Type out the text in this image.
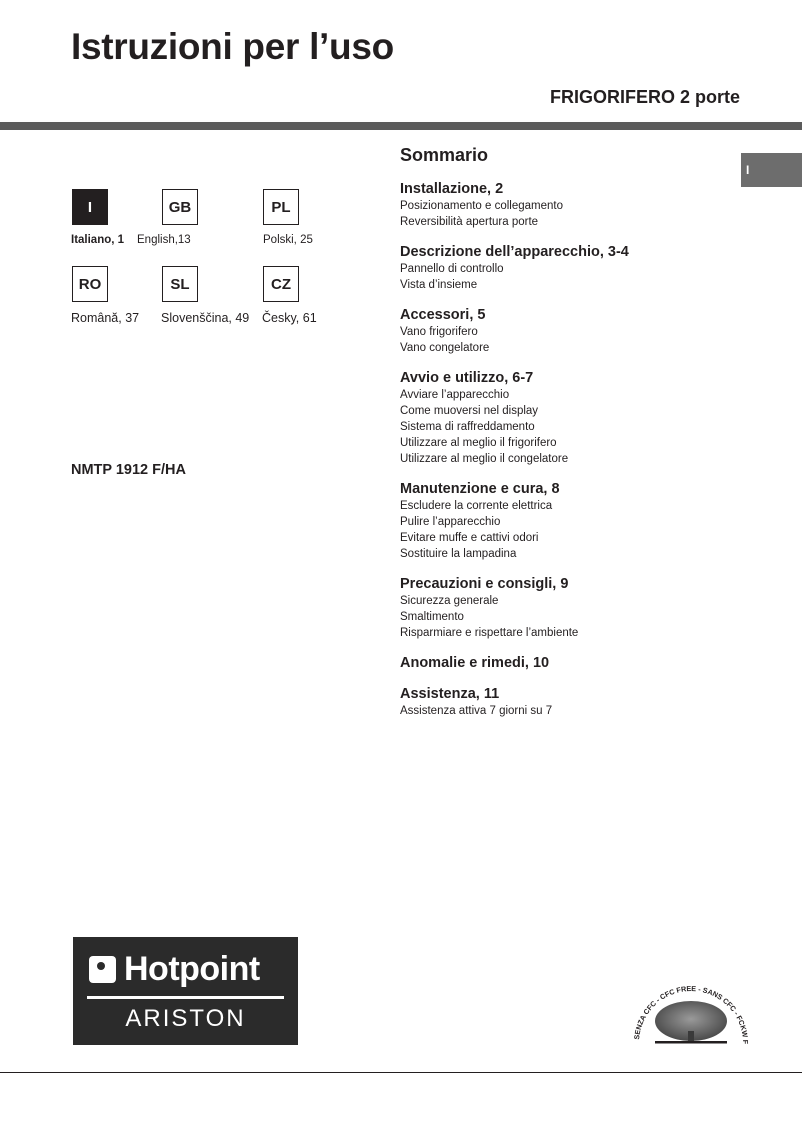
Istruzioni per l’uso
FRIGORIFERO 2 porte
I
I	GB	PL
Italiano, 1 English,13	Polski, 25
RO	SL	CZ
Română, 37 Slovenščina, 49 Česky, 61
NMTP 1912 F/HA
Sommario
Installazione, 2
Posizionamento e collegamento
Reversibilità apertura porte
Descrizione dell’apparecchio, 3-4
Pannello di controllo
Vista d’insieme
Accessori, 5
Vano frigorifero
Vano congelatore
Avvio e utilizzo, 6-7
Avviare l’apparecchio
Come muoversi nel display
Sistema di raffreddamento
Utilizzare al meglio il frigorifero
Utilizzare al meglio il congelatore
Manutenzione e cura, 8
Escludere la corrente elettrica
Pulire l’apparecchio
Evitare muffe e cattivi odori
Sostituire la lampadina
Precauzioni e consigli, 9
Sicurezza generale
Smaltimento
Risparmiare e rispettare l’ambiente
Anomalie e rimedi, 10
Assistenza, 11
Assistenza attiva 7 giorni su 7
Hotpoint
ARISTON
SENZA CFC - CFC FREE - SANS CFC - FCKW F
